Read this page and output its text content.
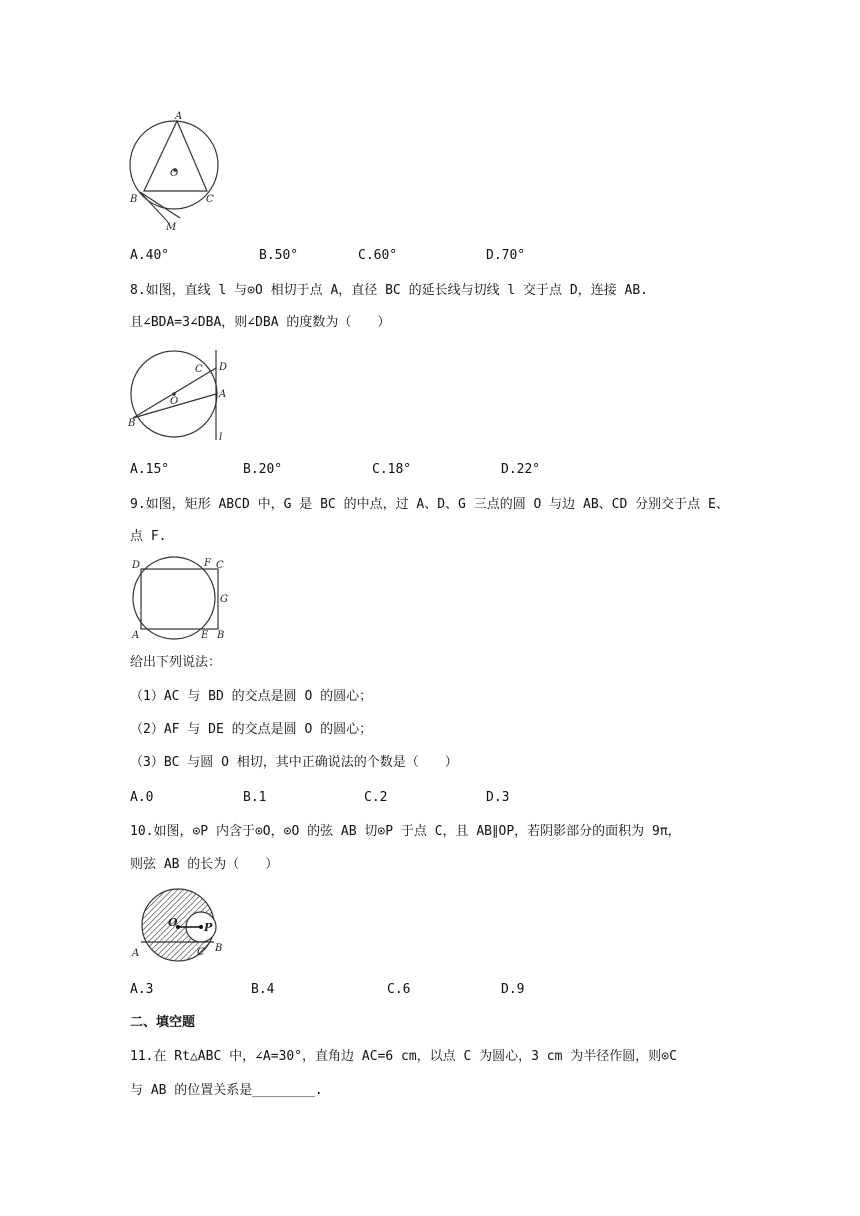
A
B	C
O
M
A.40°	B.50°	C.60°	D.70°
8.如图，直线 l 与⊙O 相切于点 A，直径 BC 的延长线与切线 l 交于点 D，连接 AB.
且∠BDA=3∠DBA，则∠DBA 的度数为（　　）
B
O
C D
A
l
A.15°	B.20°	C.18°	D.22°
9.如图，矩形 ABCD 中，G 是 BC 的中点，过 A、D、G 三点的圆 O 与边 AB、CD 分别交于点 E、
点 F.
D	F C
G
A	E B
给出下列说法：
（1）AC 与 BD 的交点是圆 O 的圆心；
（2）AF 与 DE 的交点是圆 O 的圆心；
（3）BC 与圆 O 相切，其中正确说法的个数是（　　）
A.0	B.1	C.2	D.3
10.如图，⊙P 内含于⊙O，⊙O 的弦 AB 切⊙P 于点 C，且 AB∥OP，若阴影部分的面积为 9π，
则弦 AB 的长为（　　）
O P
A	C B
A.3	B.4	C.6	D.9
二、填空题
11.在 Rt△ABC 中，∠A=30°，直角边 AC=6 cm，以点 C 为圆心，3 cm 为半径作圆，则⊙C
与 AB 的位置关系是________.
